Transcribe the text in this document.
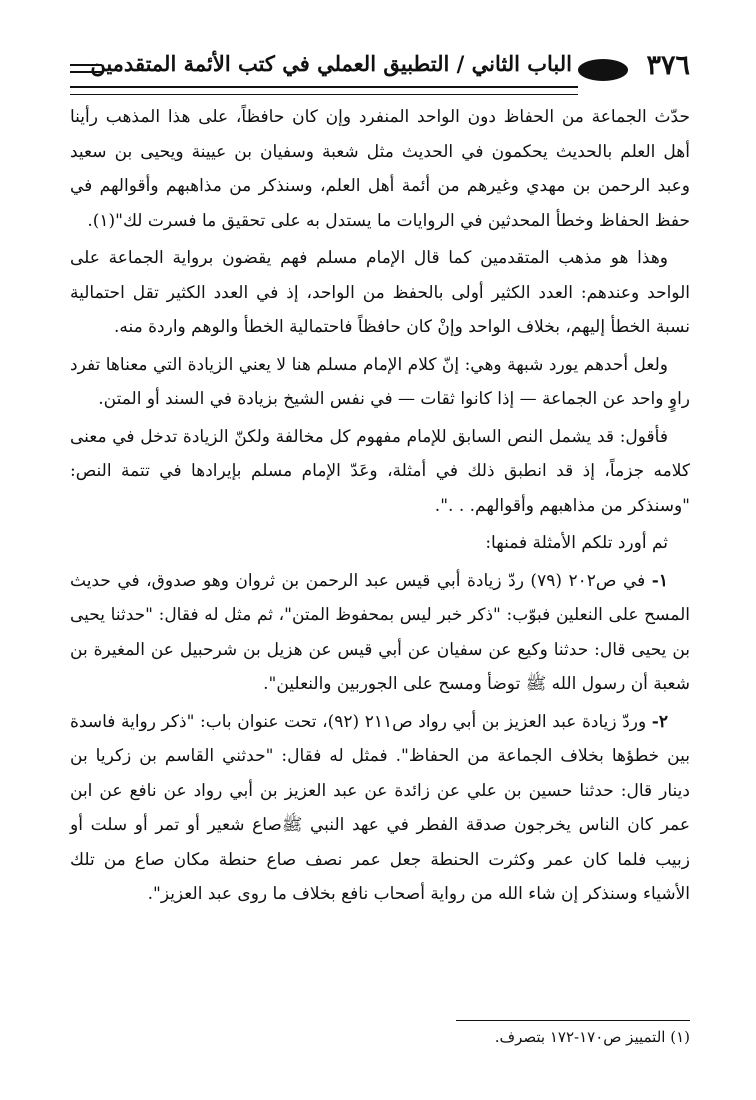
٣٧٦
الباب الثاني / التطبيق العملي في كتب الأئمة المتقدمين

حدّث الجماعة من الحفاظ دون الواحد المنفرد وإن كان حافظاً، على هذا المذهب رأينا أهل العلم بالحديث يحكمون في الحديث مثل شعبة وسفيان بن عيينة ويحيى بن سعيد وعبد الرحمن بن مهدي وغيرهم من أئمة أهل العلم، وسنذكر من مذاهبهم وأقوالهم في حفظ الحفاظ وخطأ المحدثين في الروايات ما يستدل به على تحقيق ما فسرت لك"(١).

وهذا هو مذهب المتقدمين كما قال الإمام مسلم فهم يقضون برواية الجماعة على الواحد وعندهم: العدد الكثير أولى بالحفظ من الواحد، إذ في العدد الكثير تقل احتمالية نسبة الخطأ إليهم، بخلاف الواحد وإنْ كان حافظاً فاحتمالية الخطأ والوهم واردة منه.

ولعل أحدهم يورد شبهة وهي: إنّ كلام الإمام مسلم هنا لا يعني الزيادة التي معناها تفرد راوٍ واحد عن الجماعة — إذا كانوا ثقات — في نفس الشيخ بزيادة في السند أو المتن.

فأقول: قد يشمل النص السابق للإمام مفهوم كل مخالفة ولكنّ الزيادة تدخل في معنى كلامه جزماً، إذ قد انطبق ذلك في أمثلة، وعَدّ الإمام مسلم بإيرادها في تتمة النص: "وسنذكر من مذاهبهم وأقوالهم. . .".

ثم أورد تلكم الأمثلة فمنها:

١- في ص٢٠٢ (٧٩) ردّ زيادة أبي قيس عبد الرحمن بن ثروان وهو صدوق، في حديث المسح على النعلين فبوّب: "ذكر خبر ليس بمحفوظ المتن"، ثم مثل له فقال: "حدثنا يحيى بن يحيى قال: حدثنا وكيع عن سفيان عن أبي قيس عن هزيل بن شرحبيل عن المغيرة بن شعبة أن رسول الله ﷺ توضأ ومسح على الجوربين والنعلين".

٢- وردّ زيادة عبد العزيز بن أبي رواد ص٢١١ (٩٢)، تحت عنوان باب: "ذكر رواية فاسدة بين خطؤها بخلاف الجماعة من الحفاظ". فمثل له فقال: "حدثني القاسم بن زكريا بن دينار قال: حدثنا حسين بن علي عن زائدة عن عبد العزيز بن أبي رواد عن نافع عن ابن عمر كان الناس يخرجون صدقة الفطر في عهد النبي ﷺصاع شعير أو تمر أو سلت أو زبيب فلما كان عمر وكثرت الحنطة جعل عمر نصف صاع حنطة مكان صاع من تلك الأشياء وسنذكر إن شاء الله من رواية أصحاب نافع بخلاف ما روى عبد العزيز".

(١) التمييز ص١٧٠-١٧٢ بتصرف.
